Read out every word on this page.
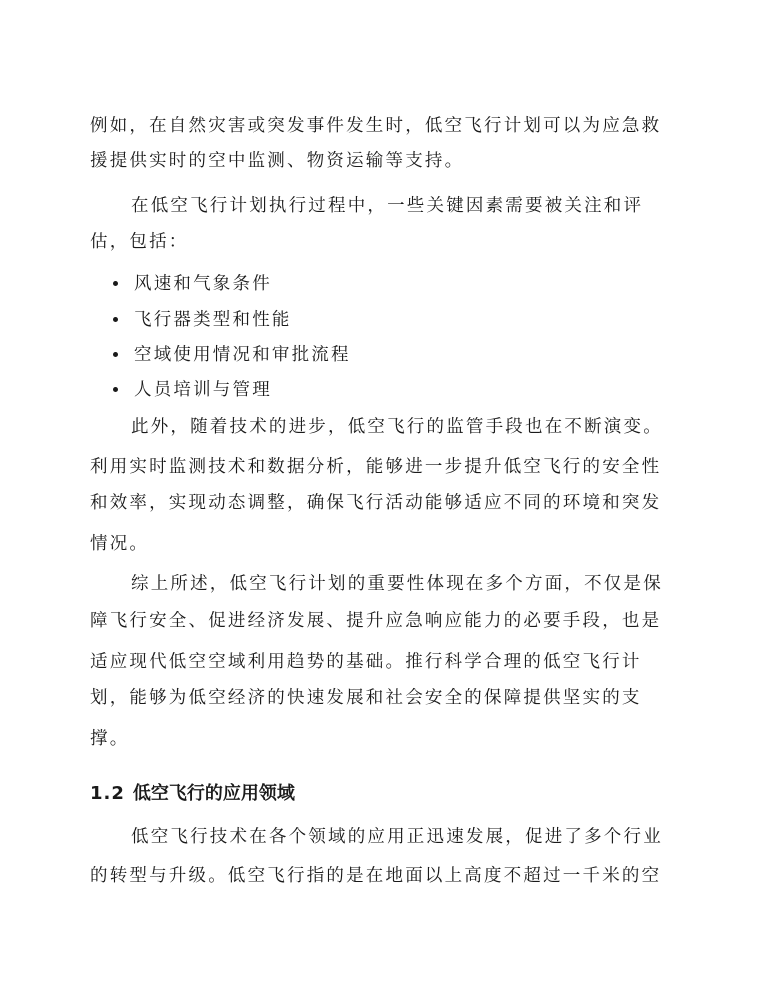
例如，在自然灾害或突发事件发生时，低空飞行计划可以为应急救
援提供实时的空中监测、物资运输等支持。
在低空飞行计划执行过程中，一些关键因素需要被关注和评
估，包括：
风速和气象条件
飞行器类型和性能
空域使用情况和审批流程
人员培训与管理
此外，随着技术的进步，低空飞行的监管手段也在不断演变。
利用实时监测技术和数据分析，能够进一步提升低空飞行的安全性
和效率，实现动态调整，确保飞行活动能够适应不同的环境和突发
情况。
综上所述，低空飞行计划的重要性体现在多个方面，不仅是保
障飞行安全、促进经济发展、提升应急响应能力的必要手段，也是
适应现代低空空域利用趋势的基础。推行科学合理的低空飞行计
划，能够为低空经济的快速发展和社会安全的保障提供坚实的支
撑。
1.2 低空飞行的应用领域
低空飞行技术在各个领域的应用正迅速发展，促进了多个行业
的转型与升级。低空飞行指的是在地面以上高度不超过一千米的空
